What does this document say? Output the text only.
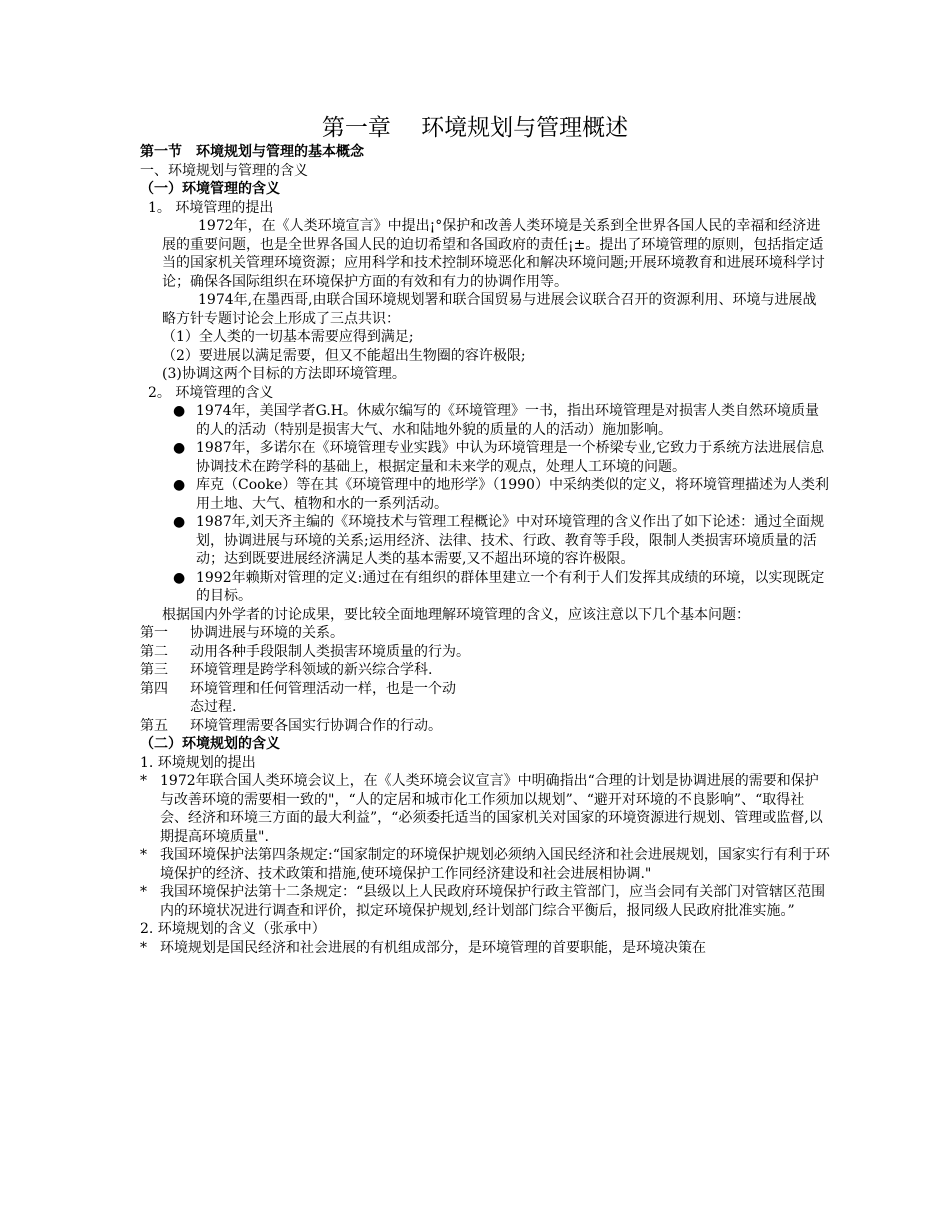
第一章　 环境规划与管理概述

第一节　环境规划与管理的基本概念

一、环境规划与管理的含义

（一）环境管理的含义

1。 环境管理的提出

1972年，在《人类环境宣言》中提出¡°保护和改善人类环境是关系到全世界各国人民的幸福和经济进展的重要问题，也是全世界各国人民的迫切希望和各国政府的责任¡±。提出了环境管理的原则，包括指定适当的国家机关管理环境资源；应用科学和技术控制环境恶化和解决环境问题;开展环境教育和进展环境科学讨论；确保各国际组织在环境保护方面的有效和有力的协调作用等。

1974年,在墨西哥,由联合国环境规划署和联合国贸易与进展会议联合召开的资源利用、环境与进展战略方针专题讨论会上形成了三点共识：

（1）全人类的一切基本需要应得到满足;

（2）要进展以满足需要，但又不能超出生物圈的容许极限;

(3)协调这两个目标的方法即环境管理。

2。 环境管理的含义

● 1974年，美国学者G.H。休威尔编写的《环境管理》一书，指出环境管理是对损害人类自然环境质量的人的活动（特别是损害大气、水和陆地外貌的质量的人的活动）施加影响。
● 1987年，多诺尔在《环境管理专业实践》中认为环境管理是一个桥梁专业,它致力于系统方法进展信息协调技术在跨学科的基础上，根据定量和未来学的观点，处理人工环境的问题。
● 库克（Cooke）等在其《环境管理中的地形学》（1990）中采纳类似的定义，将环境管理描述为人类利用土地、大气、植物和水的一系列活动。
● 1987年,刘天齐主编的《环境技术与管理工程概论》中对环境管理的含义作出了如下论述：通过全面规划，协调进展与环境的关系;运用经济、法律、技术、行政、教育等手段，限制人类损害环境质量的活动；达到既要进展经济满足人类的基本需要,又不超出环境的容许极限。
● 1992年赖斯对管理的定义:通过在有组织的群体里建立一个有利于人们发挥其成绩的环境，以实现既定的目标。

根据国内外学者的讨论成果，要比较全面地理解环境管理的含义，应该注意以下几个基本问题：

第一	协调进展与环境的关系。
第二	动用各种手段限制人类损害环境质量的行为。
第三	环境管理是跨学科领域的新兴综合学科.
第四	环境管理和任何管理活动一样，也是一个动
态过程.
第五	环境管理需要各国实行协调合作的行动。

（二）环境规划的含义

1. 环境规划的提出

* 1972年联合国人类环境会议上，在《人类环境会议宣言》中明确指出“合理的计划是协调进展的需要和保护与改善环境的需要相一致的"，“人的定居和城市化工作须加以规划”、“避开对环境的不良影响”、“取得社会、经济和环境三方面的最大利益”，“必须委托适当的国家机关对国家的环境资源进行规划、管理或监督,以期提高环境质量".
* 我国环境保护法第四条规定:“国家制定的环境保护规划必须纳入国民经济和社会进展规划，国家实行有利于环境保护的经济、技术政策和措施,使环境保护工作同经济建设和社会进展相协调."
* 我国环境保护法第十二条规定：“县级以上人民政府环境保护行政主管部门，应当会同有关部门对管辖区范围内的环境状况进行调查和评价，拟定环境保护规划,经计划部门综合平衡后，报同级人民政府批准实施。”

2. 环境规划的含义（张承中）

* 环境规划是国民经济和社会进展的有机组成部分，是环境管理的首要职能，是环境决策在
